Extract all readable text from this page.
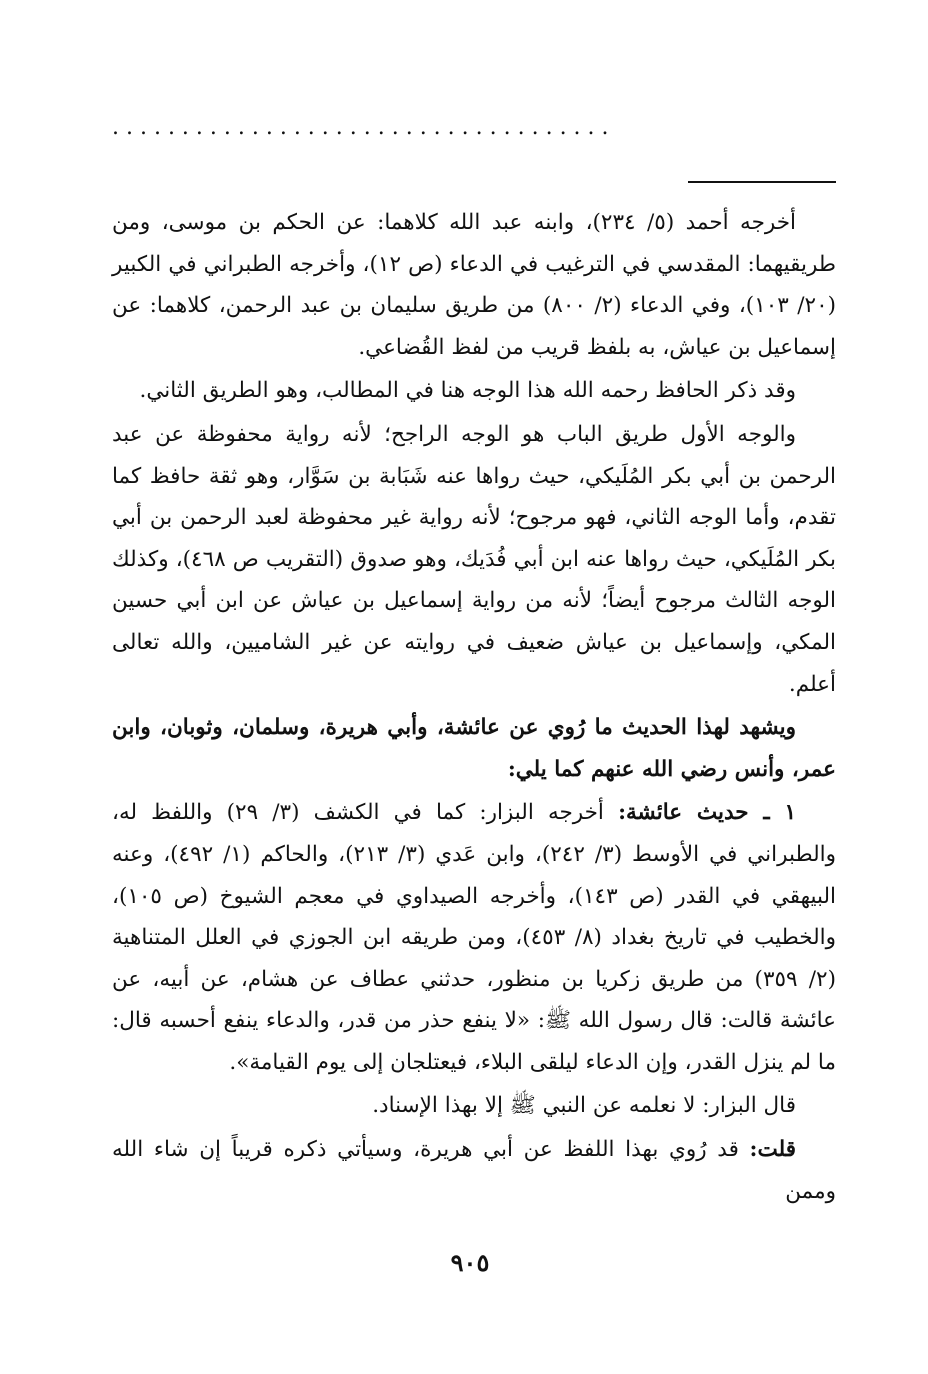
. . . . . . . . . . . . . . . . . . . . . . . . . . . . . . . . . . . .

أخرجه أحمد (٥/ ٢٣٤)، وابنه عبد الله كلاهما: عن الحكم بن موسى، ومن طريقيهما: المقدسي في الترغيب في الدعاء (ص ١٢)، وأخرجه الطبراني في الكبير (٢٠/ ١٠٣)، وفي الدعاء (٢/ ٨٠٠) من طريق سليمان بن عبد الرحمن، كلاهما: عن إسماعيل بن عياش، به بلفظ قريب من لفظ القُضاعي.

وقد ذكر الحافظ رحمه الله هذا الوجه هنا في المطالب، وهو الطريق الثاني.

والوجه الأول طريق الباب هو الوجه الراجح؛ لأنه رواية محفوظة عن عبد الرحمن بن أبي بكر المُلَيكي، حيث رواها عنه شَبَابة بن سَوَّار، وهو ثقة حافظ كما تقدم، وأما الوجه الثاني، فهو مرجوح؛ لأنه رواية غير محفوظة لعبد الرحمن بن أبي بكر المُلَيكي، حيث رواها عنه ابن أبي فُدَيك، وهو صدوق (التقريب ص ٤٦٨)، وكذلك الوجه الثالث مرجوح أيضاً؛ لأنه من رواية إسماعيل بن عياش عن ابن أبي حسين المكي، وإسماعيل بن عياش ضعيف في روايته عن غير الشاميين، والله تعالى أعلم.

ويشهد لهذا الحديث ما رُوي عن عائشة، وأبي هريرة، وسلمان، وثوبان، وابن عمر، وأنس رضي الله عنهم كما يلي:

١ ـ حديث عائشة: أخرجه البزار: كما في الكشف (٣/ ٢٩) واللفظ له، والطبراني في الأوسط (٣/ ٢٤٢)، وابن عَدي (٣/ ٢١٣)، والحاكم (١/ ٤٩٢)، وعنه البيهقي في القدر (ص ١٤٣)، وأخرجه الصيداوي في معجم الشيوخ (ص ١٠٥)، والخطيب في تاريخ بغداد (٨/ ٤٥٣)، ومن طريقه ابن الجوزي في العلل المتناهية (٢/ ٣٥٩) من طريق زكريا بن منظور، حدثني عطاف عن هشام، عن أبيه، عن عائشة قالت: قال رسول الله ﷺ: «لا ينفع حذر من قدر، والدعاء ينفع أحسبه قال: ما لم ينزل القدر، وإن الدعاء ليلقى البلاء، فيعتلجان إلى يوم القيامة».

قال البزار: لا نعلمه عن النبي ﷺ إلا بهذا الإسناد.

قلت: قد رُوي بهذا اللفظ عن أبي هريرة، وسيأتي ذكره قريباً إن شاء الله وممن

٩٠٥
